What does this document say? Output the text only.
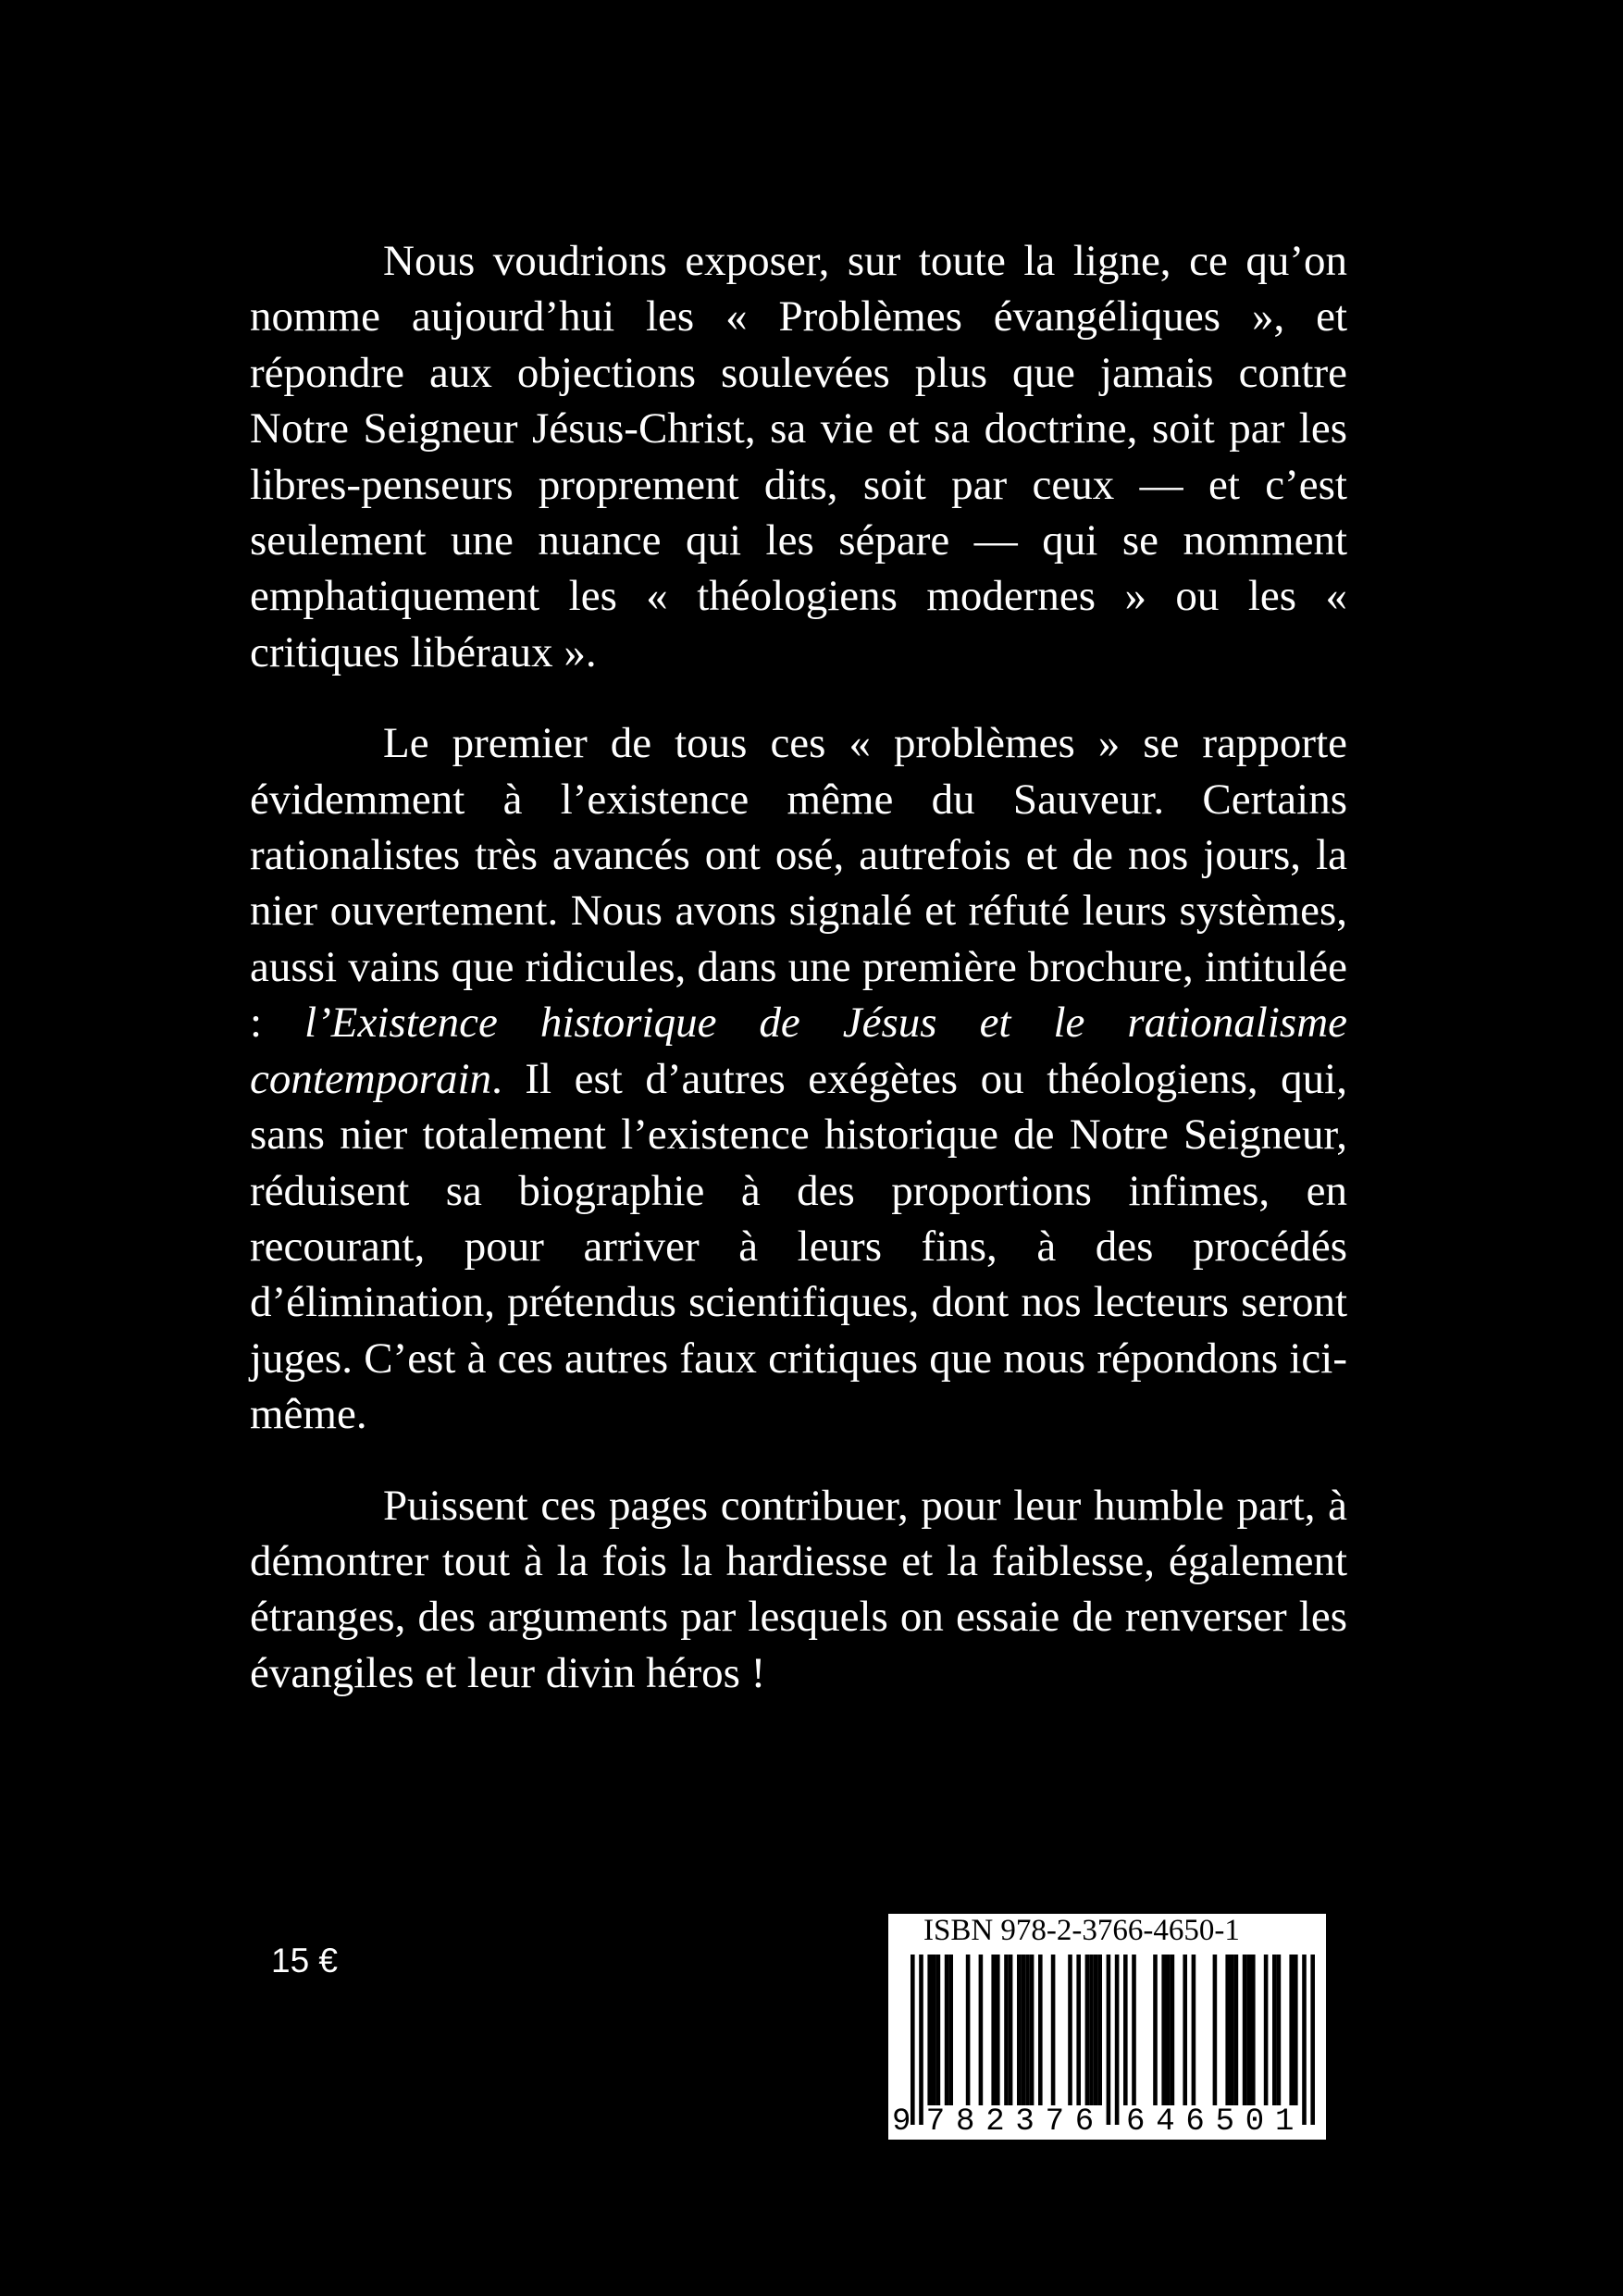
Nous voudrions exposer, sur toute la ligne, ce qu’on nomme aujourd’hui les « Problèmes évangéliques », et répondre aux objections soulevées plus que jamais contre Notre Seigneur Jésus-Christ, sa vie et sa doctrine, soit par les libres-penseurs proprement dits, soit par ceux — et c’est seulement une nuance qui les sépare — qui se nomment emphatiquement les « théologiens modernes » ou les « critiques libéraux ».

Le premier de tous ces « problèmes » se rapporte évidemment à l’existence même du Sauveur. Certains rationalistes très avancés ont osé, autrefois et de nos jours, la nier ouvertement. Nous avons signalé et réfuté leurs systèmes, aussi vains que ridicules, dans une première brochure, intitulée : l’Existence historique de Jésus et le rationalisme contemporain. Il est d’autres exégètes ou théologiens, qui, sans nier totalement l’existence historique de Notre Seigneur, réduisent sa biographie à des proportions infimes, en recourant, pour arriver à leurs fins, à des procédés d’élimination, prétendus scientifiques, dont nos lecteurs seront juges. C’est à ces autres faux critiques que nous répondons ici-même.

Puissent ces pages contribuer, pour leur humble part, à démontrer tout à la fois la hardiesse et la faiblesse, également étranges, des arguments par lesquels on essaie de renverser les évangiles et leur divin héros !

15 €
ISBN 978-2-3766-4650-1
9 7 8 2 3 7 6 6 4 6 5 0 1
